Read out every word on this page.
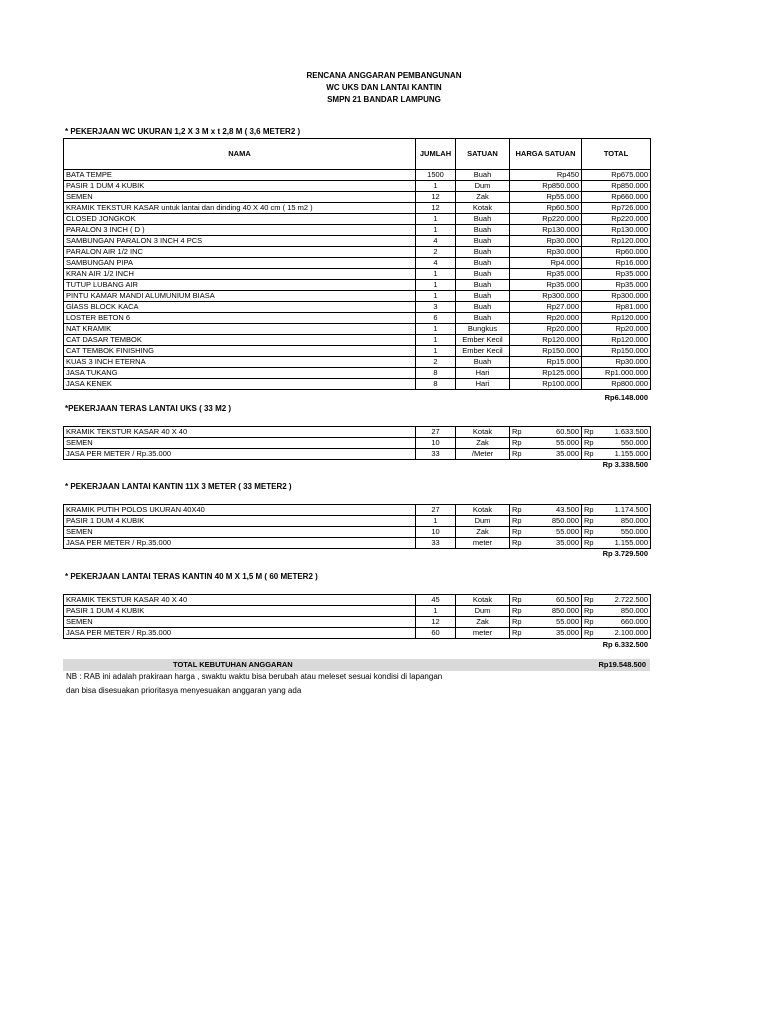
RENCANA ANGGARAN PEMBANGUNAN
WC UKS DAN LANTAI KANTIN
SMPN 21 BANDAR LAMPUNG
* PEKERJAAN WC UKURAN 1,2 X 3 M x t 2,8 M ( 3,6 METER2 )
NAMA	JUMLAH	SATUAN	HARGA SATUAN	TOTAL
BATA TEMPE	1500	Buah	Rp450	Rp675.000
PASIR 1 DUM 4 KUBIK	1	Dum	Rp850.000	Rp850.000
SEMEN	12	Zak	Rp55.000	Rp660.000
KRAMIK TEKSTUR KASAR untuk lantai dan dinding 40 X 40 cm ( 15 m2 )	12	Kotak	Rp60.500	Rp726.000
CLOSED JONGKOK	1	Buah	Rp220.000	Rp220.000
PARALON 3 INCH ( D )	1	Buah	Rp130.000	Rp130.000
SAMBUNGAN PARALON 3 INCH 4 PCS	4	Buah	Rp30.000	Rp120.000
PARALON AIR 1/2 INC	2	Buah	Rp30.000	Rp60.000
SAMBUNGAN PIPA	4	Buah	Rp4.000	Rp16.000
KRAN AIR 1/2 INCH	1	Buah	Rp35.000	Rp35.000
TUTUP LUBANG AIR	1	Buah	Rp35.000	Rp35.000
PINTU KAMAR MANDI ALUMUNIUM BIASA	1	Buah	Rp300.000	Rp300.000
GlASS BLOCK KACA	3	Buah	Rp27.000	Rp81.000
LOSTER BETON 6	6	Buah	Rp20.000	Rp120.000
NAT KRAMIK	1	Bungkus	Rp20.000	Rp20.000
CAT DASAR TEMBOK	1	Ember Kecil	Rp120.000	Rp120.000
CAT TEMBOK FINISHING	1	Ember Kecil	Rp150.000	Rp150.000
KUAS 3 INCH ETERNA	2	Buah	Rp15.000	Rp30.000
JASA TUKANG	8	Hari	Rp125.000	Rp1.000.000
JASA KENEK	8	Hari	Rp100.000	Rp800.000
Rp6.148.000
*PEKERJAAN TERAS LANTAI UKS ( 33 M2 )
KRAMIK TEKSTUR KASAR 40 X 40	27	Kotak	Rp 60.500	Rp 1.633.500
SEMEN	10	Zak	Rp 55.000	Rp 550.000
JASA PER METER / Rp.35.000	33	/Meter	Rp 35.000	Rp 1.155.000
Rp 3.338.500
* PEKERJAAN LANTAI KANTIN 11X 3 METER ( 33 METER2 )
KRAMIK PUTIH POLOS UKURAN 40X40	27	Kotak	Rp 43.500	Rp 1.174.500
PASIR 1 DUM 4 KUBIK	1	Dum	Rp 850.000	Rp 850.000
SEMEN	10	Zak	Rp 55.000	Rp 550.000
JASA PER METER / Rp.35.000	33	meter	Rp 35.000	Rp 1.155.000
Rp 3.729.500
* PEKERJAAN LANTAI TERAS KANTIN 40 M X 1,5 M ( 60 METER2 )
KRAMIK TEKSTUR KASAR 40 X 40	45	Kotak	Rp 60.500	Rp 2.722.500
PASIR 1 DUM 4 KUBIK	1	Dum	Rp 850.000	Rp 850.000
SEMEN	12	Zak	Rp 55.000	Rp 660.000
JASA PER METER / Rp.35.000	60	meter	Rp 35.000	Rp 2.100.000
Rp 6.332.500
TOTAL KEBUTUHAN ANGGARAN	Rp19.548.500
NB : RAB ini adalah prakiraan harga , swaktu waktu bisa berubah atau meleset sesuai kondisi di lapangan
dan bisa disesuakan prioritasya menyesuakan anggaran yang ada
